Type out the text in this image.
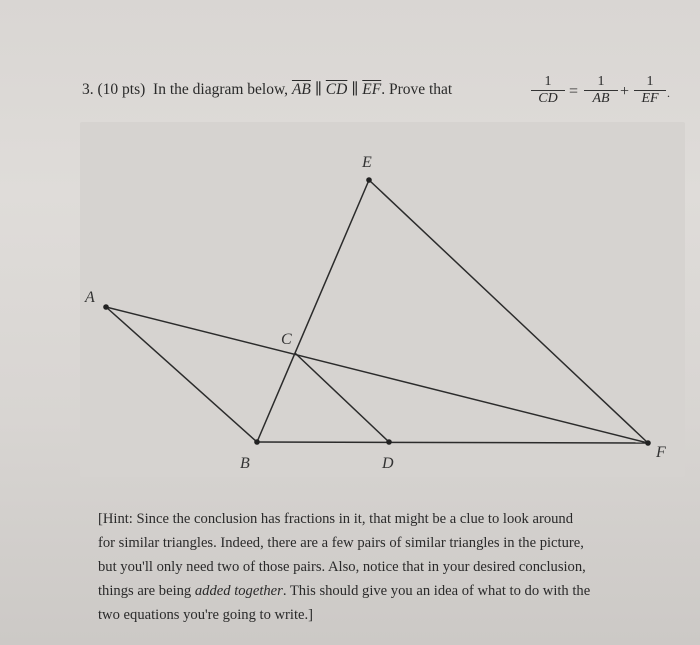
3. (10 pts) In the diagram below, $\overline{AB}$ ∥ $\overline{CD}$ ∥ $\overline{EF}$. Prove that	$\frac{1}{CD} = \frac{1}{AB} + \frac{1}{EF}$ .
A
B
C
D
E
F

[Hint: Since the conclusion has fractions in it, that might be a clue to look around

for similar triangles. Indeed, there are a few pairs of similar triangles in the picture,

but you'll only need two of those pairs. Also, notice that in your desired conclusion,

things are being added together. This should give you an idea of what to do with the

two equations you're going to write.]
